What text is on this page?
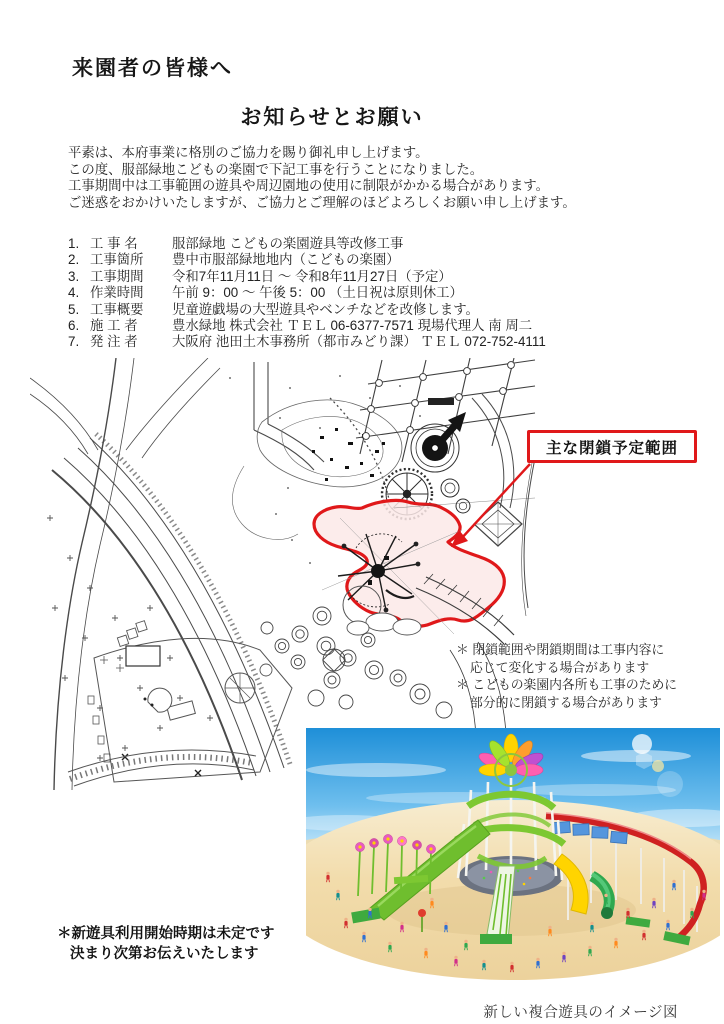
来園者の皆様へ
お知らせとお願い
平素は、本府事業に格別のご協力を賜り御礼申し上げます。
この度、服部緑地こどもの楽園で下記工事を行うことになりました。
工事期間中は工事範囲の遊具や周辺園地の使用に制限がかかる場合があります。
ご迷惑をおかけいたしますが、ご協力とご理解のほどよろしくお願い申し上げます。
1. 工 事 名	服部緑地 こどもの楽園遊具等改修工事
2. 工事箇所	豊中市服部緑地地内（こどもの楽園）
3. 工事期間	令和7年11月11日 ～ 令和8年11月27日（予定）
4. 作業時間	午前 9：00 ～ 午後 5：00 （土日祝は原則休工）
5. 工事概要	児童遊戯場の大型遊具やベンチなどを改修します。
6. 施 工 者	豊水緑地 株式会社 ＴＥＬ 06-6377-7571 現場代理人 南 周二
7. 発 注 者	大阪府 池田土木事務所（都市みどり課） ＴＥＬ 072-752-4111
主な閉鎖予定範囲
＊ 閉鎖範囲や閉鎖期間は工事内容に
応じて変化する場合があります
＊ こどもの楽園内各所も工事のために
部分的に閉鎖する場合があります
新しい複合遊具のイメージ図
＊新遊具利用開始時期は未定です
決まり次第お伝えいたします
